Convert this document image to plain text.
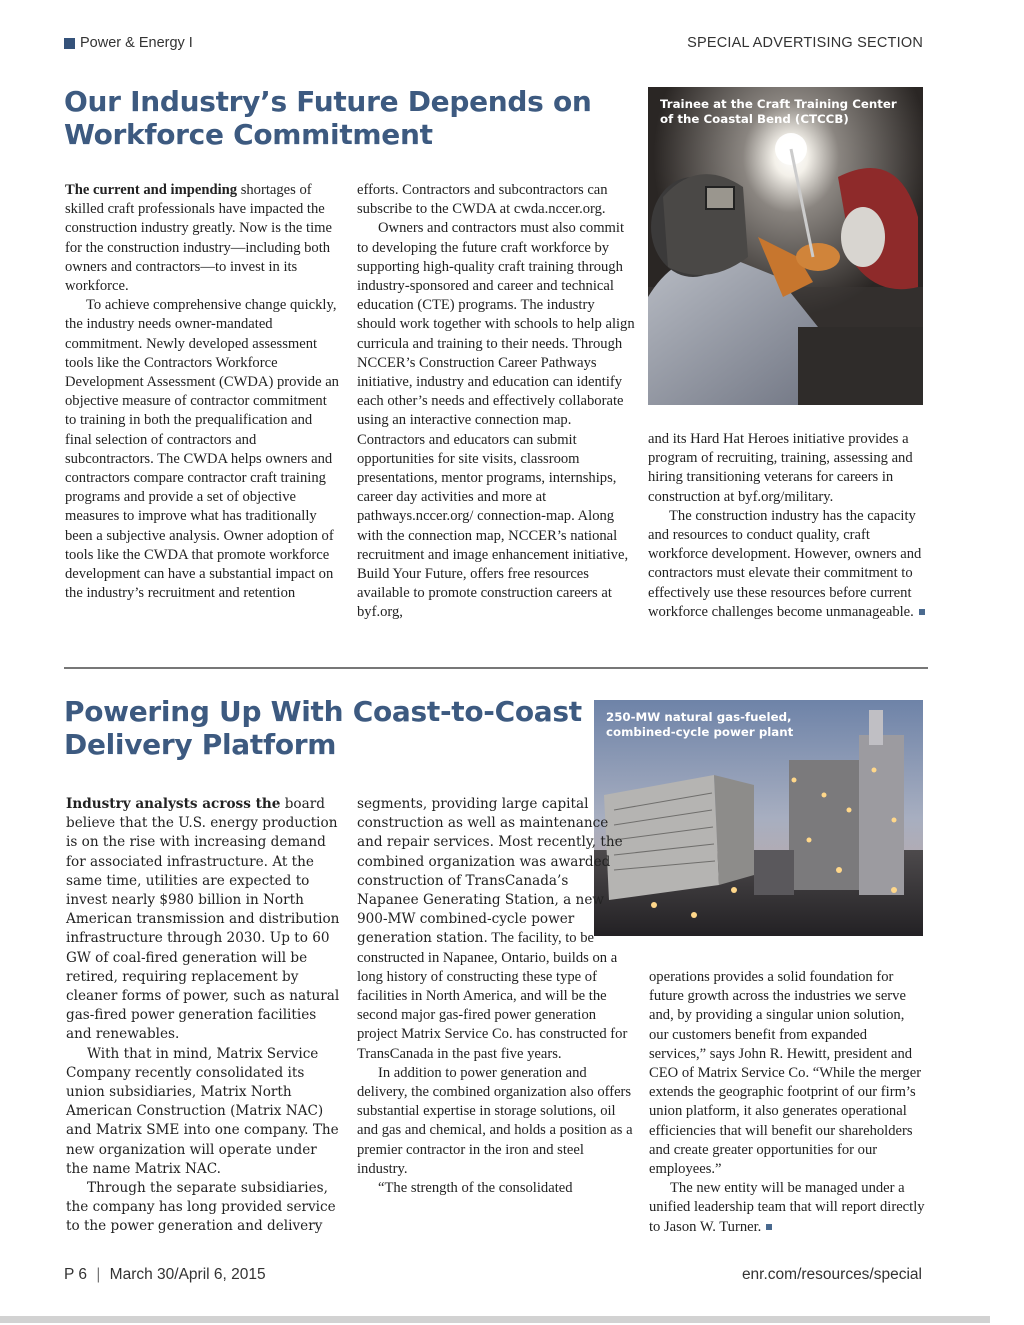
Power & Energy I	SPECIAL ADVERTISING SECTION
Our Industry’s Future Depends on
Workforce Commitment
Trainee at the Craft Training Center of the Coastal Bend (CTCCB)

The current and impending shortages of skilled craft professionals have impacted the construction industry greatly. Now is the time for the construction industry—including both owners and contractors—to invest in its workforce.

To achieve comprehensive change quickly, the industry needs owner-mandated commitment. Newly developed assessment tools like the Contractors Workforce Development Assessment (CWDA) provide an objective measure of contractor commitment to training in both the prequalification and final selection of contractors and subcontractors. The CWDA helps owners and contractors compare contractor craft training programs and provide a set of objective measures to improve what has traditionally been a subjective analysis. Owner adoption of tools like the CWDA that promote workforce development can have a substantial impact on the industry’s recruitment and retention

efforts. Contractors and subcontractors can subscribe to the CWDA at cwda.nccer.org.

Owners and contractors must also commit to developing the future craft workforce by supporting high-quality craft training through industry-sponsored and career and technical education (CTE) programs. The industry should work together with schools to help align curricula and training to their needs. Through NCCER’s Construction Career Pathways initiative, industry and education can identify each other’s needs and effectively collaborate using an interactive connection map. Contractors and educators can submit opportunities for site visits, classroom presentations, mentor programs, internships, career day activities and more at pathways.nccer.org/ connection-map. Along with the connection map, NCCER’s national recruitment and image enhancement initiative, Build Your Future, offers free resources available to promote construction careers at byf.org,

and its Hard Hat Heroes initiative provides a program of recruiting, training, assessing and hiring transitioning veterans for careers in construction at byf.org/military.

The construction industry has the capacity and resources to conduct quality, craft workforce development. However, owners and contractors must elevate their commitment to effectively use these resources before current workforce challenges become unmanageable.

Powering Up With Coast-to-Coast
Delivery Platform
250-MW natural gas-fueled, combined-cycle power plant

Industry analysts across the board believe that the U.S. energy production is on the rise with increasing demand for associated infrastructure. At the same time, utilities are expected to invest nearly $980 billion in North American transmission and distribution infrastructure through 2030. Up to 60 GW of coal-fired generation will be retired, requiring replacement by cleaner forms of power, such as natural gas-fired power generation facilities and renewables.

With that in mind, Matrix Service Company recently consolidated its union subsidiaries, Matrix North American Construction (Matrix NAC) and Matrix SME into one company. The new organization will operate under the name Matrix NAC.

Through the separate subsidiaries, the company has long provided service to the power generation and delivery

segments, providing large capital construction as well as maintenance and repair services. Most recently, the combined organization was awarded construction of TransCanada’s Napanee Generating Station, a new 900-MW combined-cycle power generation station. The facility, to be constructed in Napanee, Ontario, builds on a long history of constructing these type of facilities in North America, and will be the second major gas-fired power generation project Matrix Service Co. has constructed for TransCanada in the past five years.

In addition to power generation and delivery, the combined organization also offers substantial expertise in storage solutions, oil and gas and chemical, and holds a position as a premier contractor in the iron and steel industry.

“The strength of the consolidated

operations provides a solid foundation for future growth across the industries we serve and, by providing a singular union solution, our customers benefit from expanded services,” says John R. Hewitt, president and CEO of Matrix Service Co. “While the merger extends the geographic footprint of our firm’s union platform, it also generates operational efficiencies that will benefit our shareholders and create greater opportunities for our employees.”

The new entity will be managed under a unified leadership team that will report directly to Jason W. Turner.

P 6 | March 30/April 6, 2015	enr.com/resources/special
